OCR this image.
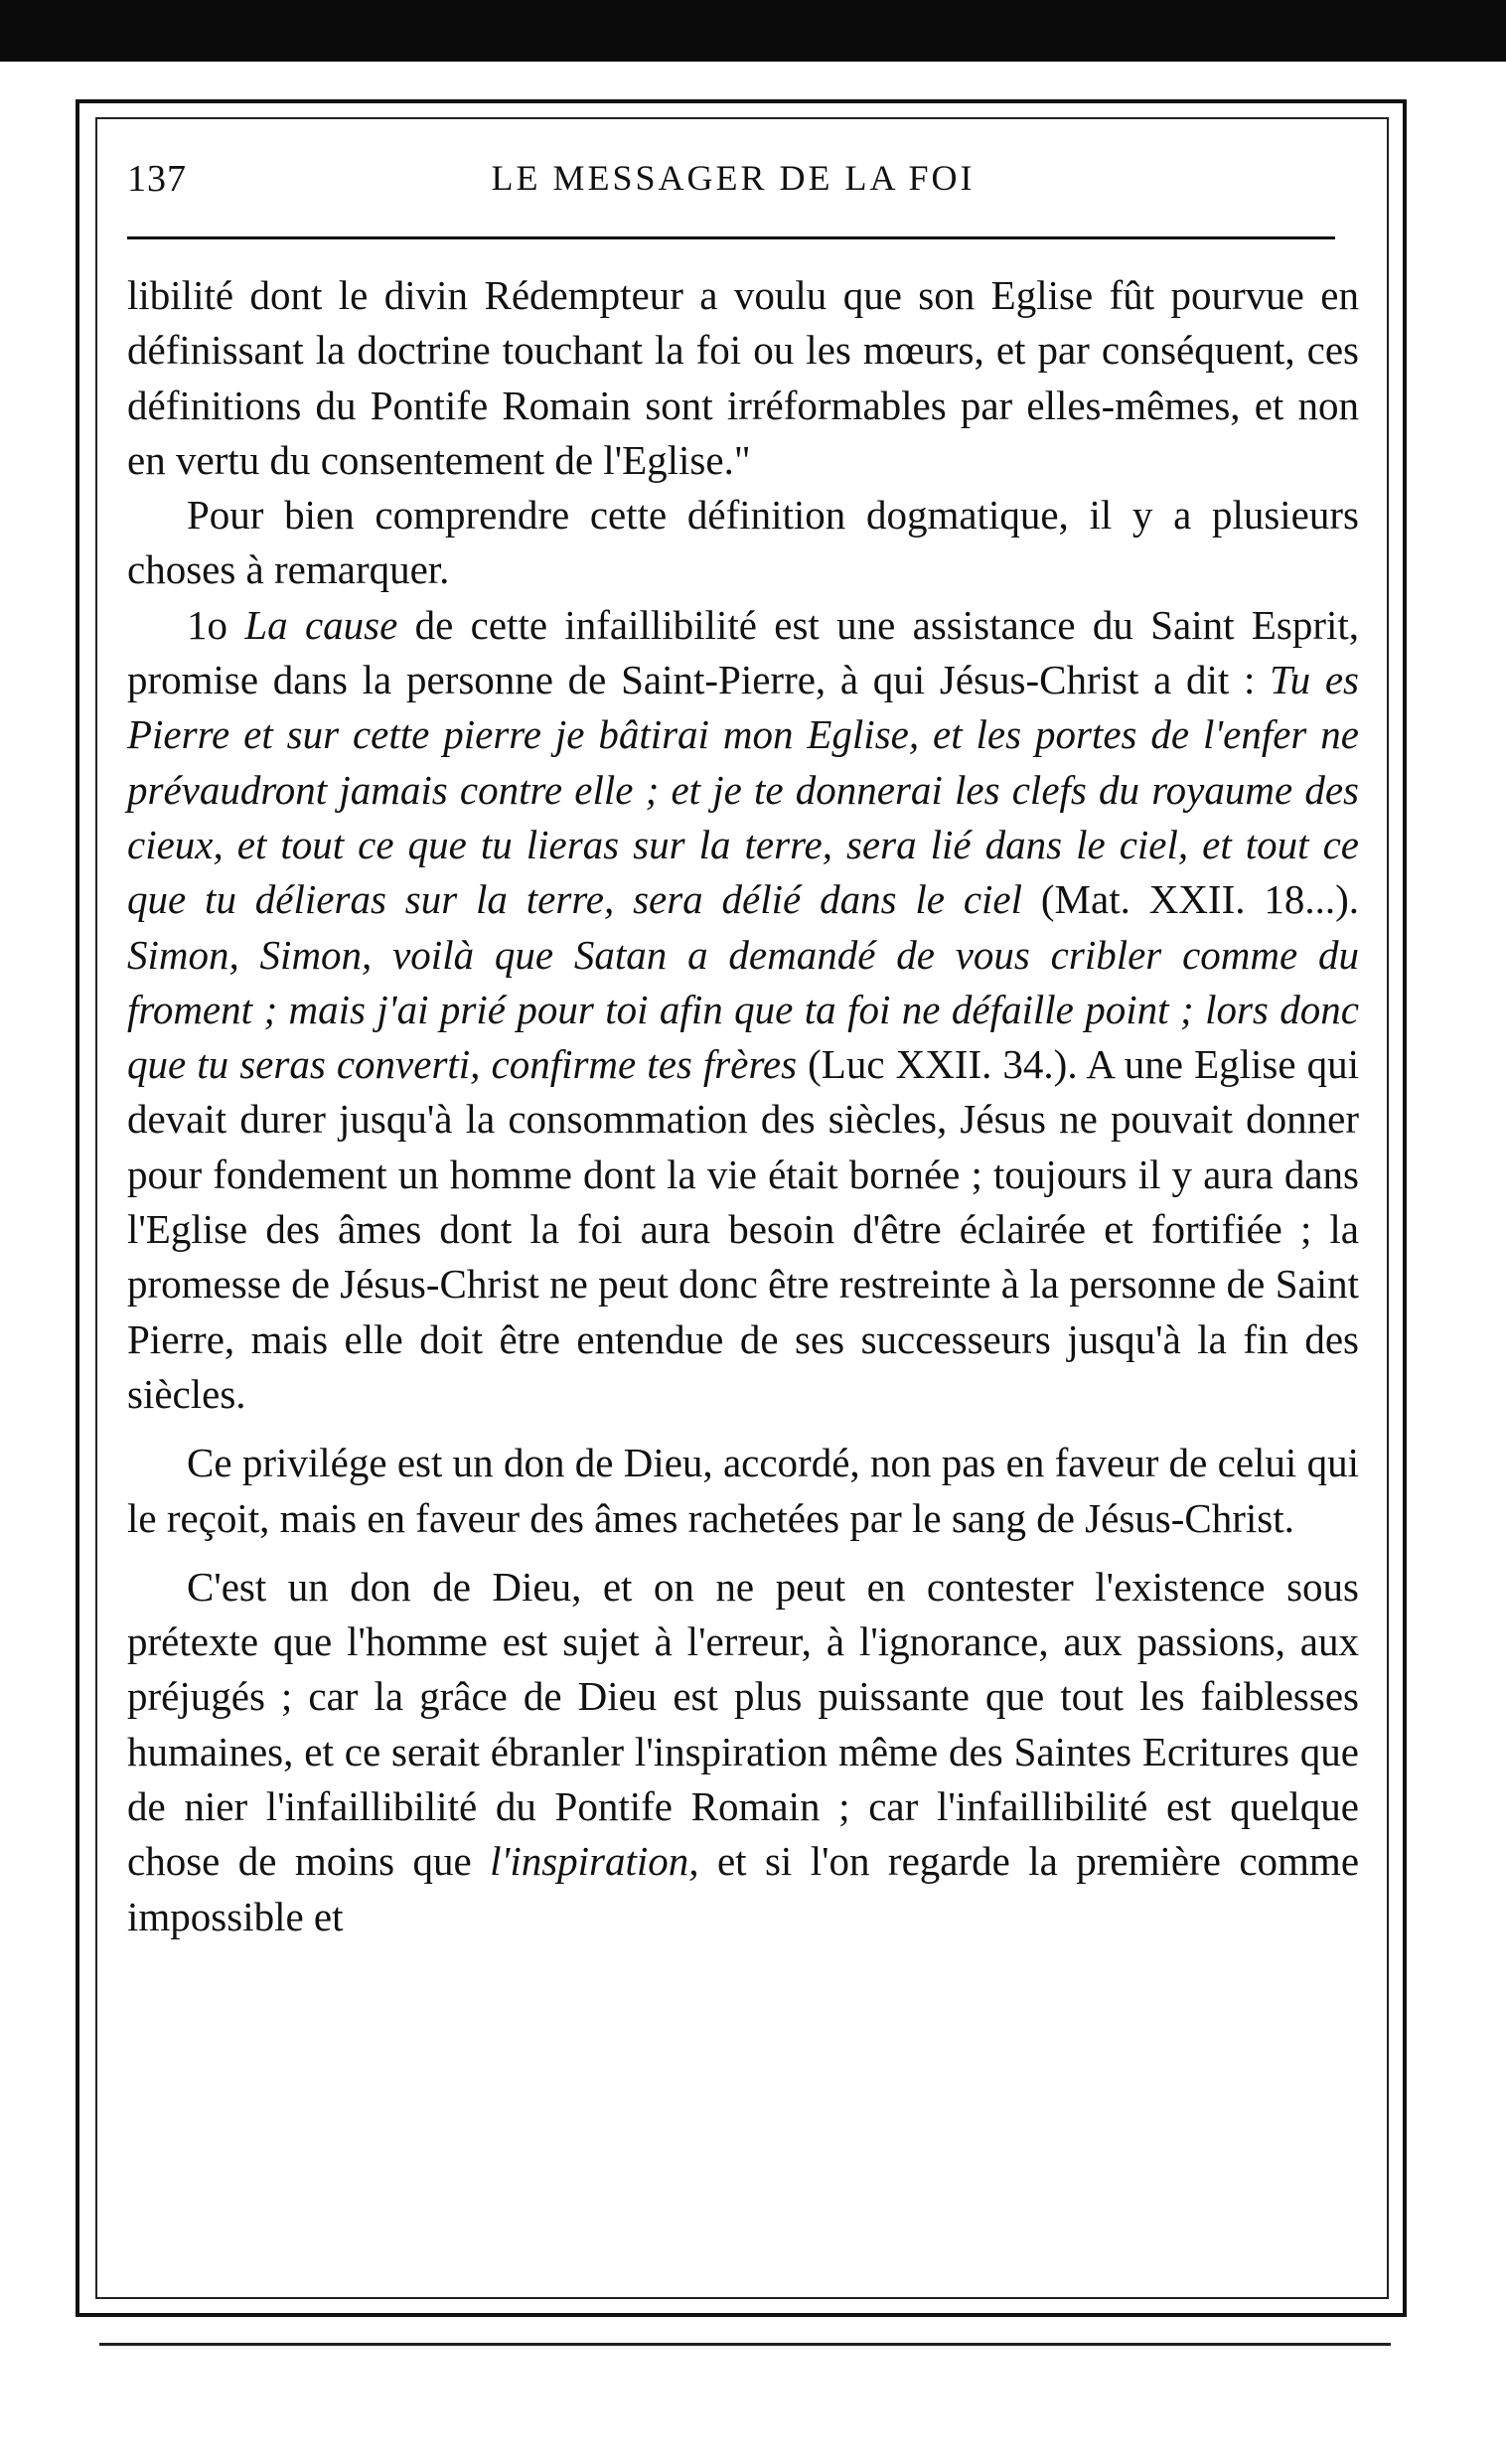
137	LE MESSAGER DE LA FOI

libilité dont le divin Rédempteur a voulu que son Eglise fût pourvue en définissant la doctrine touchant la foi ou les mœurs, et par conséquent, ces définitions du Pontife Romain sont irréformables par elles-mêmes, et non en vertu du consentement de l'Eglise."

Pour bien comprendre cette définition dogmatique, il y a plusieurs choses à remarquer.

1o La cause de cette infaillibilité est une assistance du Saint Esprit, promise dans la personne de Saint-Pierre, à qui Jésus-Christ a dit : Tu es Pierre et sur cette pierre je bâtirai mon Eglise, et les portes de l'enfer ne prévaudront jamais contre elle ; et je te donnerai les clefs du royaume des cieux, et tout ce que tu lieras sur la terre, sera lié dans le ciel, et tout ce que tu délieras sur la terre, sera délié dans le ciel (Mat. XXII. 18...). Simon, Simon, voilà que Satan a demandé de vous cribler comme du froment ; mais j'ai prié pour toi afin que ta foi ne défaille point ; lors donc que tu seras converti, confirme tes frères (Luc XXII. 34.). A une Eglise qui devait durer jusqu'à la consommation des siècles, Jésus ne pouvait donner pour fondement un homme dont la vie était bornée ; toujours il y aura dans l'Eglise des âmes dont la foi aura besoin d'être éclairée et fortifiée ; la promesse de Jésus-Christ ne peut donc être restreinte à la personne de Saint Pierre, mais elle doit être entendue de ses successeurs jusqu'à la fin des siècles.

Ce privilége est un don de Dieu, accordé, non pas en faveur de celui qui le reçoit, mais en faveur des âmes rachetées par le sang de Jésus-Christ.

C'est un don de Dieu, et on ne peut en contester l'existence sous prétexte que l'homme est sujet à l'erreur, à l'ignorance, aux passions, aux préjugés ; car la grâce de Dieu est plus puissante que tout les faiblesses humaines, et ce serait ébranler l'inspiration même des Saintes Ecritures que de nier l'infaillibilité du Pontife Romain ; car l'infaillibilité est quelque chose de moins que l'inspiration, et si l'on regarde la première comme impossible et
